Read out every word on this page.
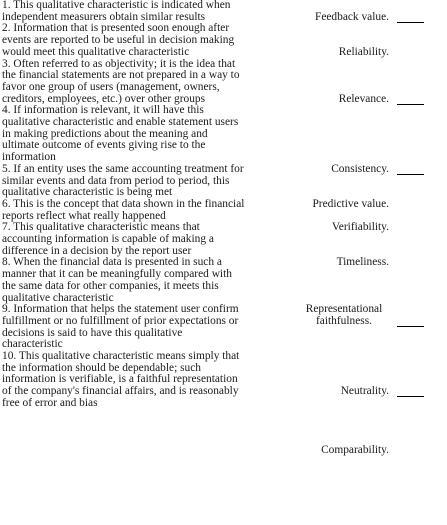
1. This qualitative characteristic is indicated when
independent measurers obtain similar results
2. Information that is presented soon enough after
events are reported to be useful in decision making
would meet this qualitative characteristic
3. Often referred to as objectivity; it is the idea that
the financial statements are not prepared in a way to
favor one group of users (management, owners,
creditors, employees, etc.) over other groups
4. If information is relevant, it will have this
qualitative characteristic and enable statement users
in making predictions about the meaning and
ultimate outcome of events giving rise to the
information
5. If an entity uses the same accounting treatment for
similar events and data from period to period, this
qualitative characteristic is being met
6. This is the concept that data shown in the financial
reports reflect what really happened
7. This qualitative characteristic means that
accounting information is capable of making a
difference in a decision by the report user
8. When the financial data is presented in such a
manner that it can be meaningfully compared with
the same data for other companies, it meets this
qualitative characteristic
9. Information that helps the statement user confirm
fulfillment or no fulfillment of prior expectations or
decisions is said to have this qualitative
characteristic
10. This qualitative characteristic means simply that
the information should be dependable; such
information is verifiable, is a faithful representation
of the company's financial affairs, and is reasonably
free of error and bias
Feedback value.
Reliability.
Relevance.
Consistency.
Predictive value.
Verifiability.
Timeliness.
Representational
faithfulness.
Neutrality.
Comparability.
